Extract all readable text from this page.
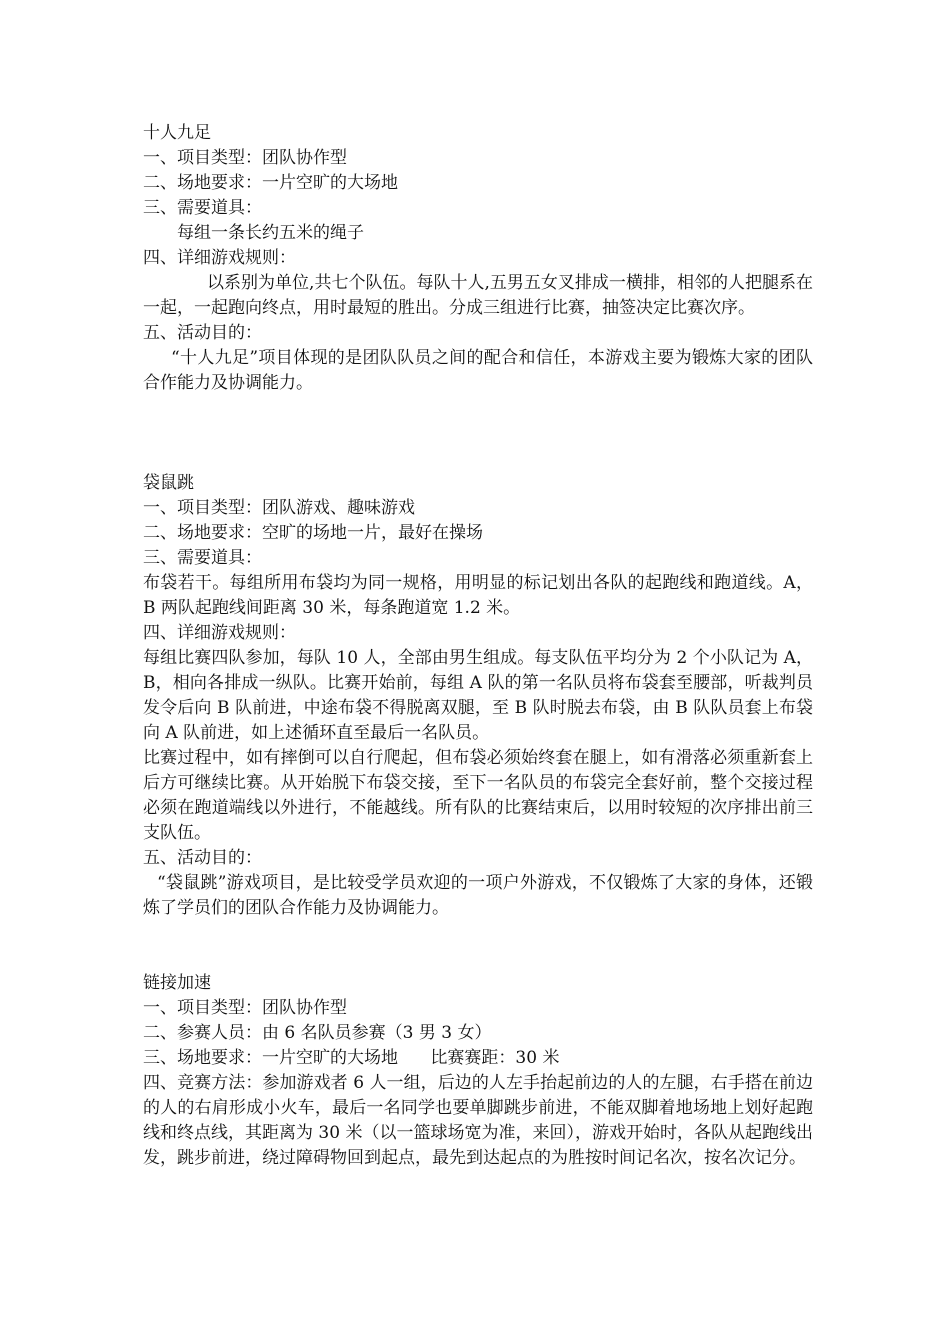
十人九足

一、项目类型：团队协作型

二、场地要求：一片空旷的大场地

三、需要道具：

每组一条长约五米的绳子

四、详细游戏规则：

以系别为单位,共七个队伍。每队十人,五男五女叉排成一横排，相邻的人把腿系在一起，一起跑向终点，用时最短的胜出。分成三组进行比赛，抽签决定比赛次序。

五、活动目的：

“十人九足”项目体现的是团队队员之间的配合和信任，本游戏主要为锻炼大家的团队合作能力及协调能力。

袋鼠跳

一、项目类型：团队游戏、趣味游戏

二、场地要求：空旷的场地一片，最好在操场

三、需要道具：

布袋若干。每组所用布袋均为同一规格，用明显的标记划出各队的起跑线和跑道线。A，B 两队起跑线间距离 30 米，每条跑道宽 1.2 米。

四、详细游戏规则：

每组比赛四队参加，每队 10 人，全部由男生组成。每支队伍平均分为 2 个小队记为 A，B，相向各排成一纵队。比赛开始前，每组 A 队的第一名队员将布袋套至腰部，听裁判员发令后向 B 队前进，中途布袋不得脱离双腿，至 B 队时脱去布袋，由 B 队队员套上布袋向 A 队前进，如上述循环直至最后一名队员。

比赛过程中，如有摔倒可以自行爬起，但布袋必须始终套在腿上，如有滑落必须重新套上后方可继续比赛。从开始脱下布袋交接，至下一名队员的布袋完全套好前，整个交接过程必须在跑道端线以外进行，不能越线。所有队的比赛结束后，以用时较短的次序排出前三支队伍。

五、活动目的：

“袋鼠跳”游戏项目，是比较受学员欢迎的一项户外游戏，不仅锻炼了大家的身体，还锻炼了学员们的团队合作能力及协调能力。

链接加速

一、项目类型：团队协作型

二、参赛人员：由 6 名队员参赛（3 男 3 女）

三、场地要求：一片空旷的大场地      比赛赛距：30 米

四、竞赛方法：参加游戏者 6 人一组，后边的人左手抬起前边的人的左腿，右手搭在前边的人的右肩形成小火车，最后一名同学也要单脚跳步前进，不能双脚着地场地上划好起跑线和终点线，其距离为 30 米（以一篮球场宽为准，来回），游戏开始时，各队从起跑线出发，跳步前进，绕过障碍物回到起点，最先到达起点的为胜按时间记名次，按名次记分。
